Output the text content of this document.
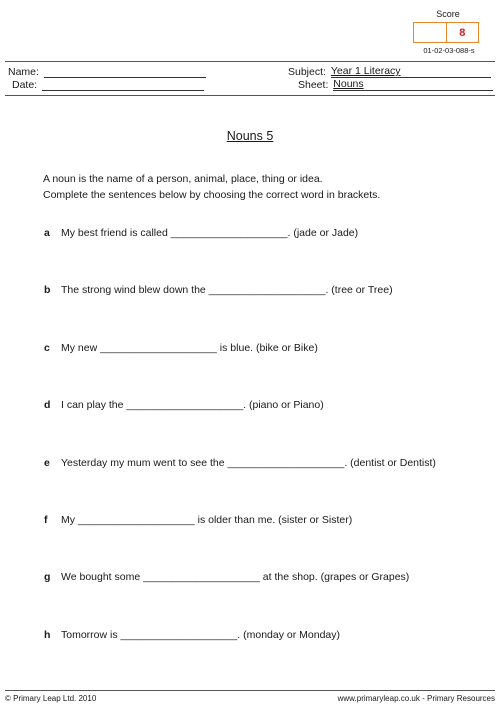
Score
8
01-02-03-088-s
Name:
Date:
Subject: Year 1 Literacy
Sheet: Nouns
Nouns 5
A noun is the name of a person, animal, place, thing or idea.
Complete the sentences below by choosing the correct word in brackets.
a	My best friend is called ____________________. (jade or Jade)
b	The strong wind blew down the ____________________. (tree or Tree)
c	My new ____________________ is blue. (bike or Bike)
d	I can play the ____________________. (piano or Piano)
e	Yesterday my mum went to see the ____________________. (dentist or Dentist)
f	My ____________________ is older than me. (sister or Sister)
g	We bought some ____________________ at the shop. (grapes or Grapes)
h	Tomorrow is ____________________. (monday or Monday)
© Primary Leap Ltd. 2010	www.primaryleap.co.uk - Primary Resources
